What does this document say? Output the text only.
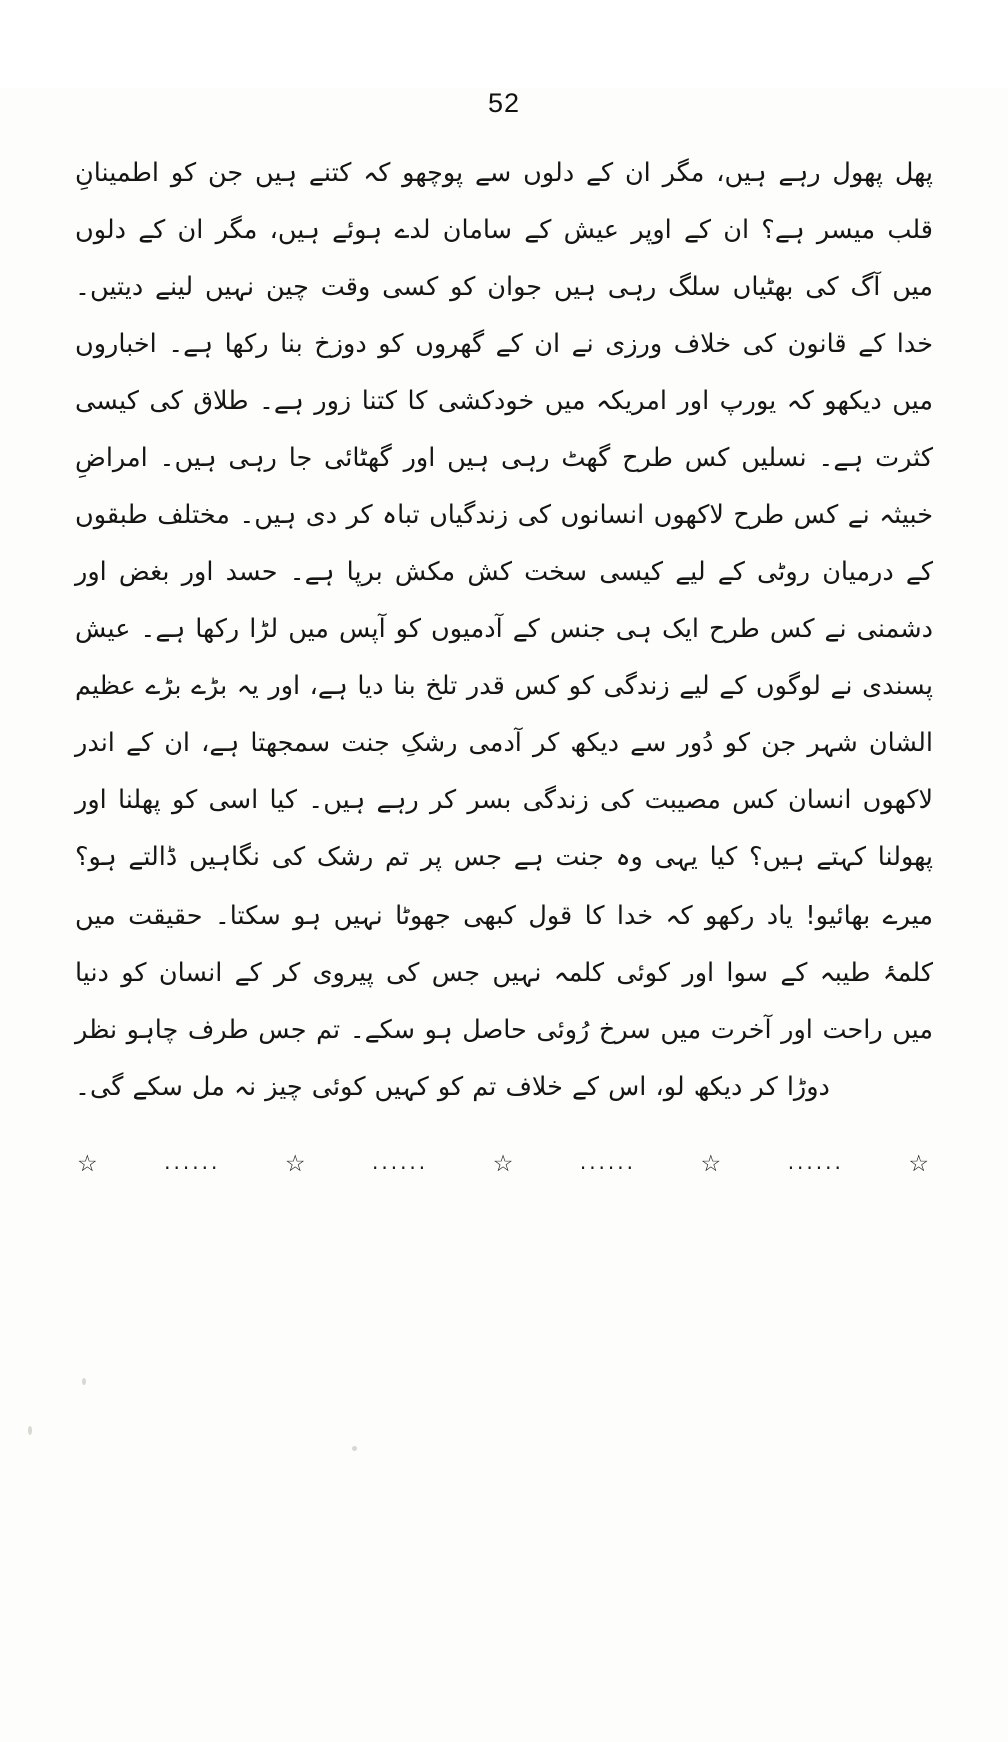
52

پھل پھول رہے ہیں، مگر ان کے دلوں سے پوچھو کہ کتنے ہیں جن کو اطمینانِ قلب میسر ہے؟ ان کے اوپر عیش کے سامان لدے ہوئے ہیں، مگر ان کے دلوں میں آگ کی بھٹیاں سلگ رہی ہیں جوان کو کسی وقت چین نہیں لینے دیتیں۔ خدا کے قانون کی خلاف ورزی نے ان کے گھروں کو دوزخ بنا رکھا ہے۔ اخباروں میں دیکھو کہ یورپ اور امریکہ میں خودکشی کا کتنا زور ہے۔ طلاق کی کیسی کثرت ہے۔ نسلیں کس طرح گھٹ رہی ہیں اور گھٹائی جا رہی ہیں۔ امراضِ خبیثہ نے کس طرح لاکھوں انسانوں کی زندگیاں تباہ کر دی ہیں۔ مختلف طبقوں کے درمیان روٹی کے لیے کیسی سخت کش مکش برپا ہے۔ حسد اور بغض اور دشمنی نے کس طرح ایک ہی جنس کے آدمیوں کو آپس میں لڑا رکھا ہے۔ عیش پسندی نے لوگوں کے لیے زندگی کو کس قدر تلخ بنا دیا ہے، اور یہ بڑے بڑے عظیم الشان شہر جن کو دُور سے دیکھ کر آدمی رشکِ جنت سمجھتا ہے، ان کے اندر لاکھوں انسان کس مصیبت کی زندگی بسر کر رہے ہیں۔ کیا اسی کو پھلنا اور پھولنا کہتے ہیں؟ کیا یہی وہ جنت ہے جس پر تم رشک کی نگاہیں ڈالتے ہو؟

میرے بھائیو! یاد رکھو کہ خدا کا قول کبھی جھوٹا نہیں ہو سکتا۔ حقیقت میں کلمۂ طیبہ کے سوا اور کوئی کلمہ نہیں جس کی پیروی کر کے انسان کو دنیا میں راحت اور آخرت میں سرخ رُوئی حاصل ہو سکے۔ تم جس طرف چاہو نظر دوڑا کر دیکھ لو، اس کے خلاف تم کو کہیں کوئی چیز نہ مل سکے گی۔

☆	......	☆	......	☆	......	☆	......	☆
